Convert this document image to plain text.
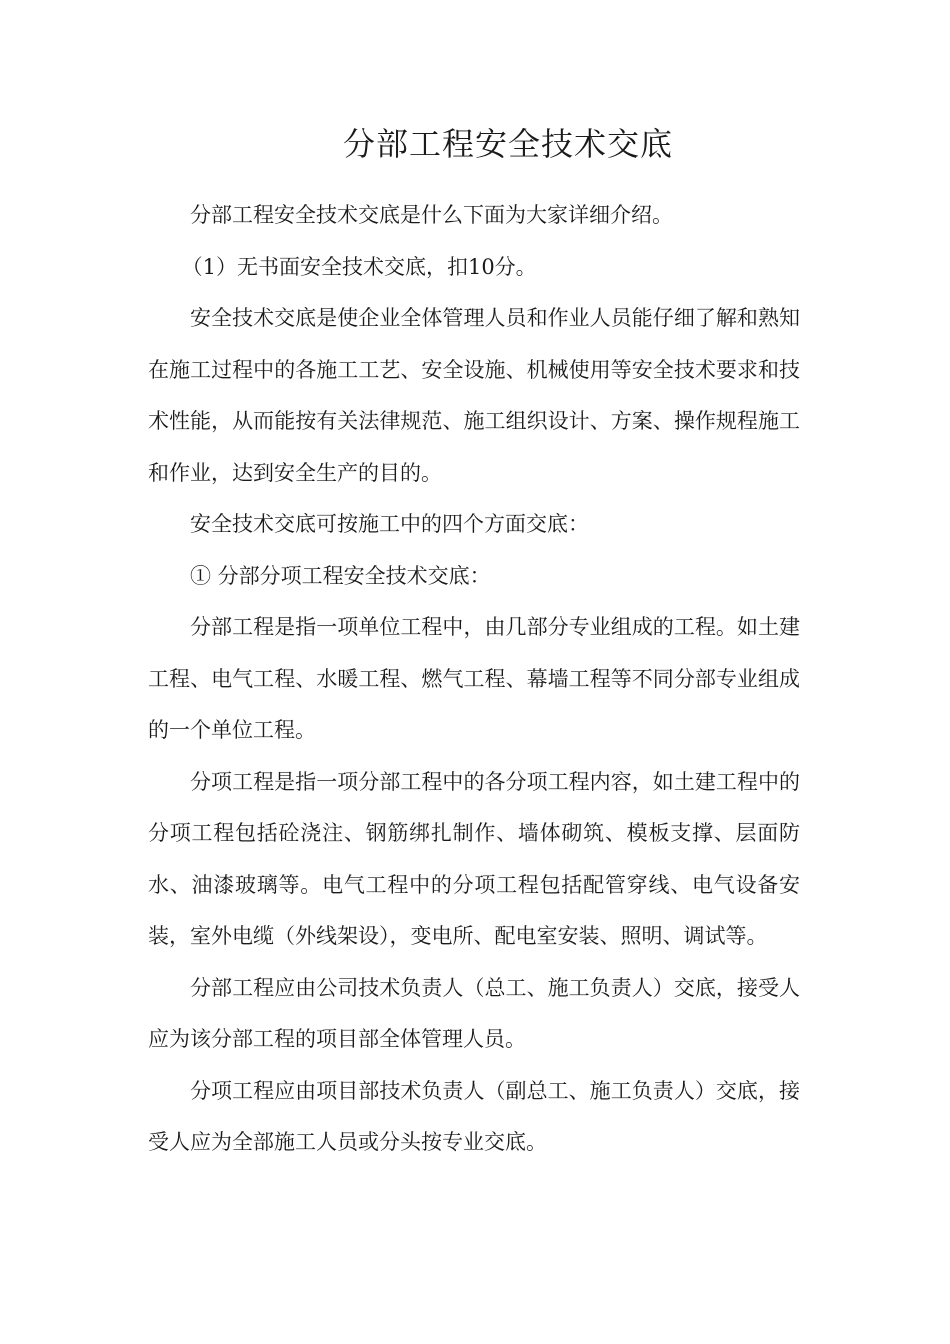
分部工程安全技术交底

分部工程安全技术交底是什么下面为大家详细介绍。

（1）无书面安全技术交底，扣10分。

安全技术交底是使企业全体管理人员和作业人员能仔细了解和熟知在施工过程中的各施工工艺、安全设施、机械使用等安全技术要求和技术性能，从而能按有关法律规范、施工组织设计、方案、操作规程施工和作业，达到安全生产的目的。

安全技术交底可按施工中的四个方面交底：

① 分部分项工程安全技术交底：

分部工程是指一项单位工程中，由几部分专业组成的工程。如土建工程、电气工程、水暖工程、燃气工程、幕墙工程等不同分部专业组成的一个单位工程。

分项工程是指一项分部工程中的各分项工程内容，如土建工程中的分项工程包括砼浇注、钢筋绑扎制作、墙体砌筑、模板支撑、层面防水、油漆玻璃等。电气工程中的分项工程包括配管穿线、电气设备安装，室外电缆（外线架设），变电所、配电室安装、照明、调试等。

分部工程应由公司技术负责人（总工、施工负责人）交底，接受人应为该分部工程的项目部全体管理人员。

分项工程应由项目部技术负责人（副总工、施工负责人）交底，接受人应为全部施工人员或分头按专业交底。
